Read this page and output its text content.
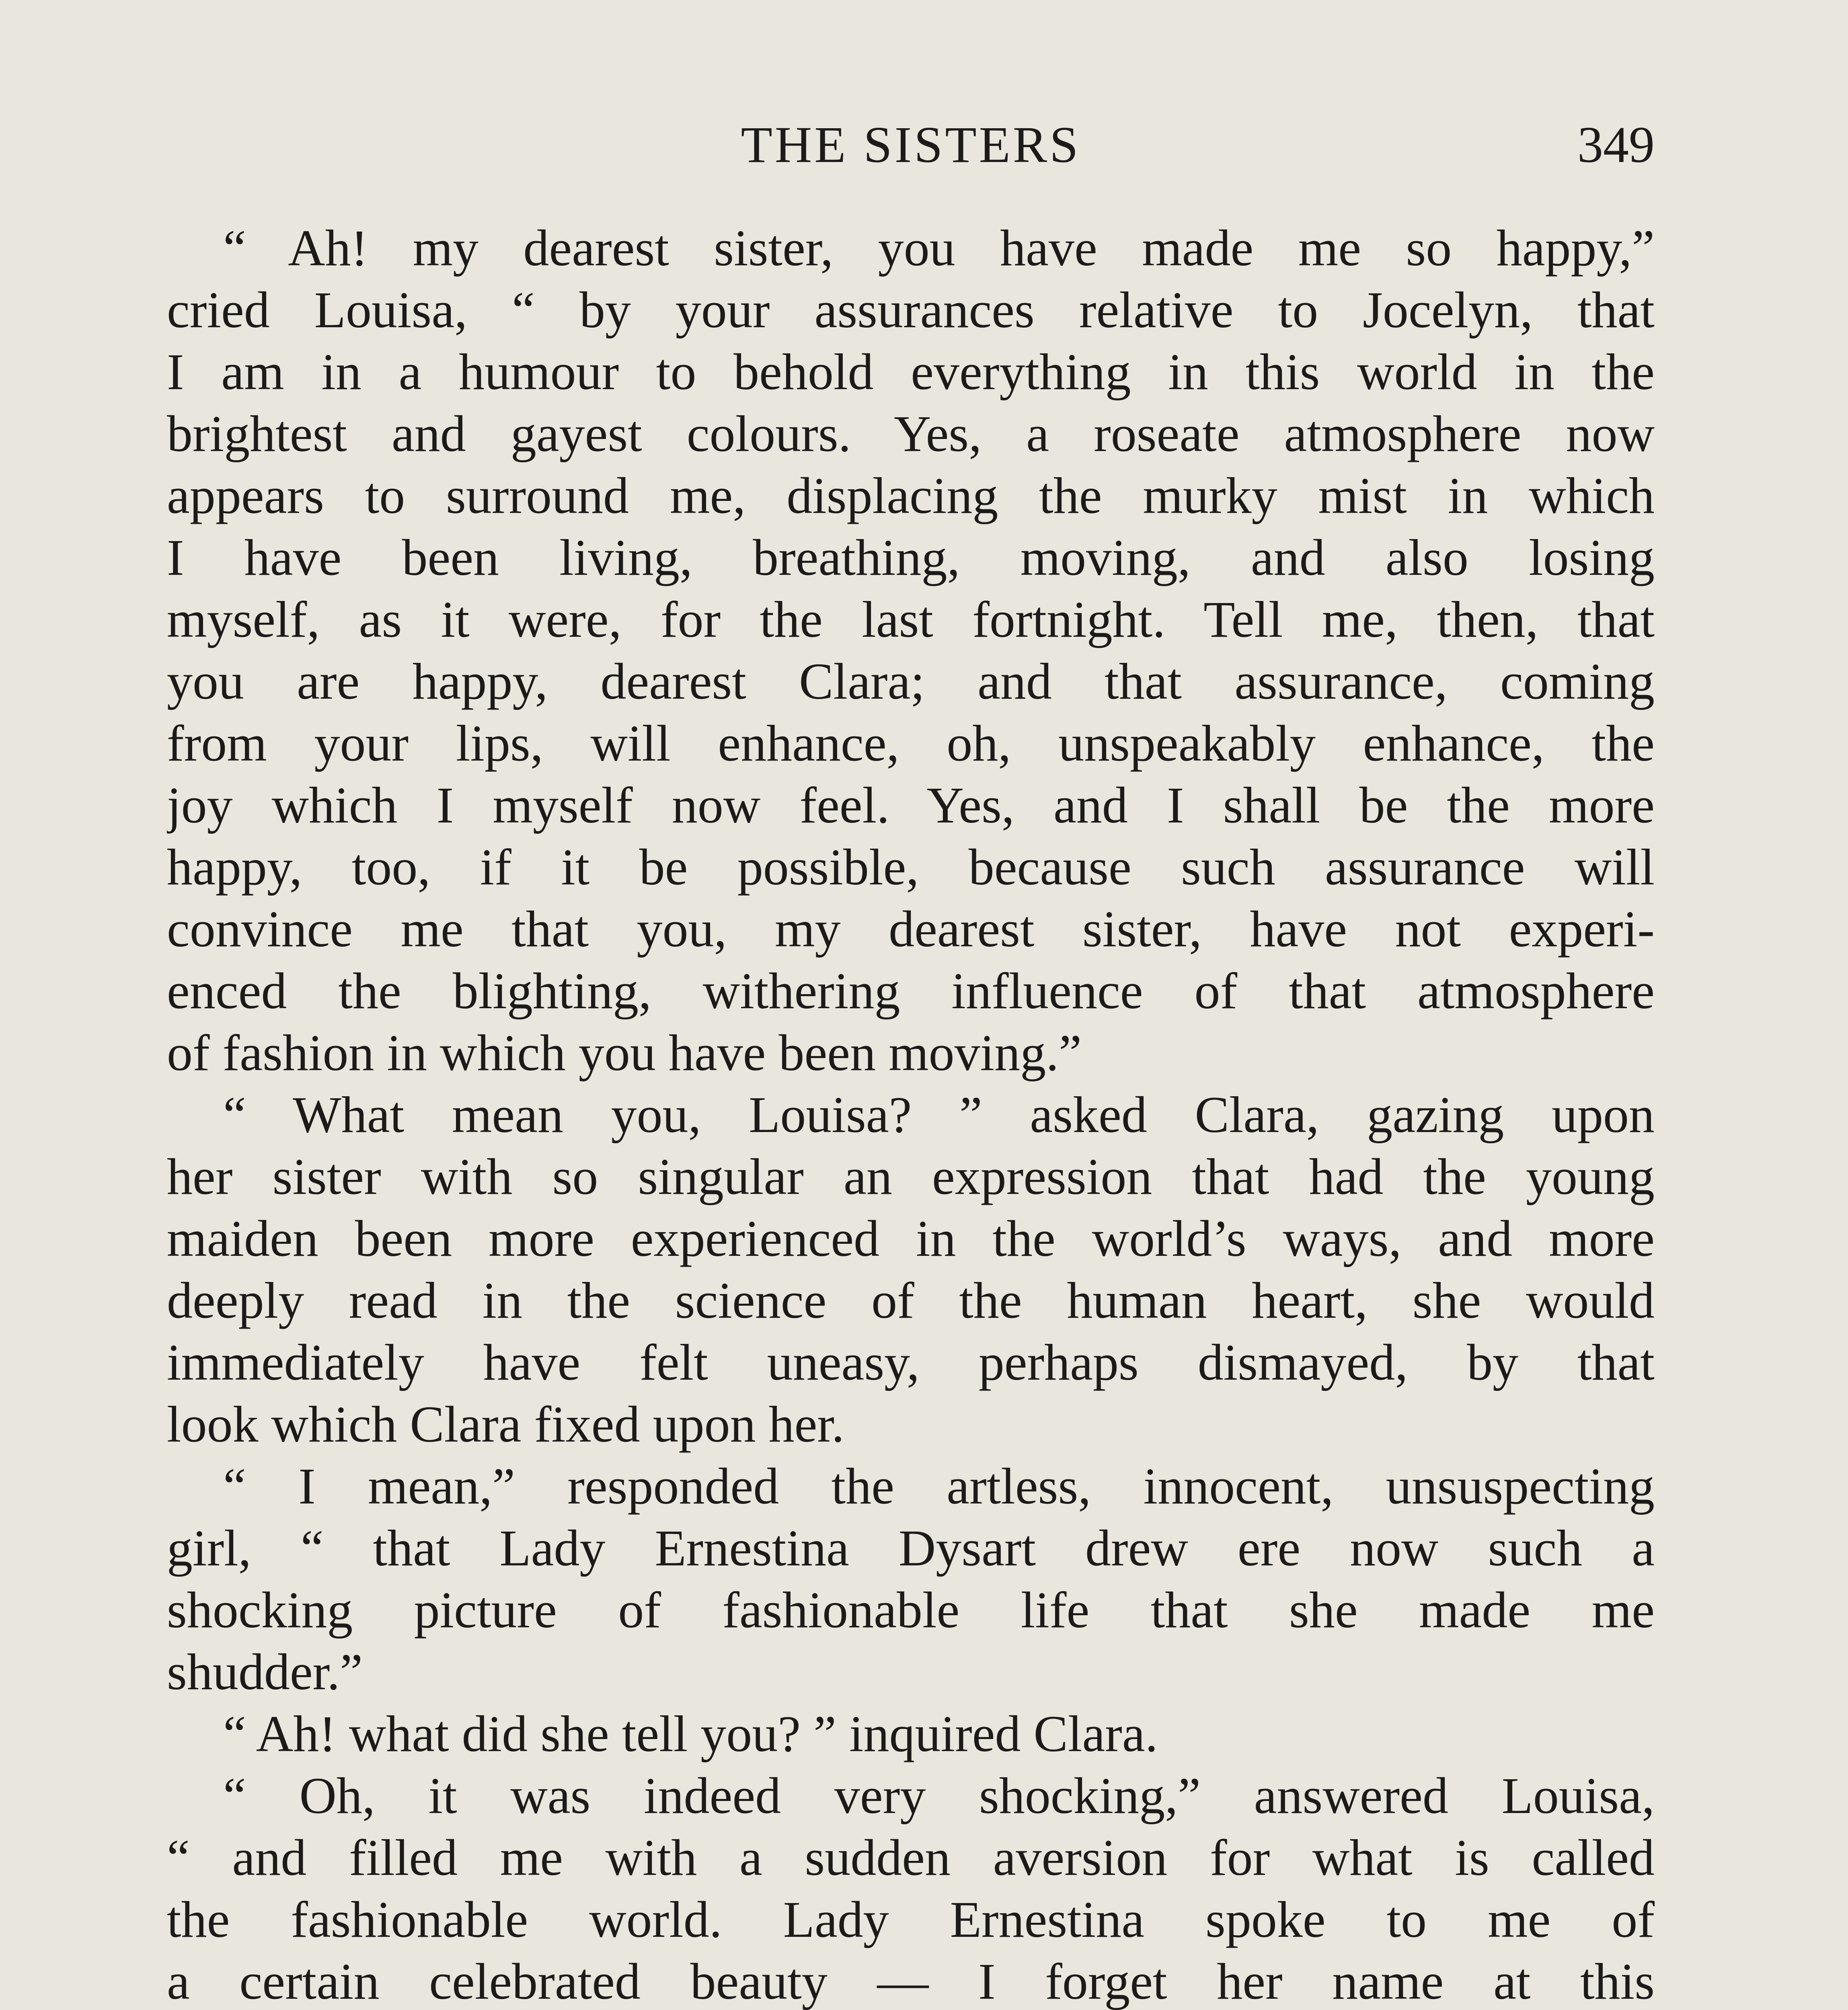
THE SISTERS	349
“ Ah! my dearest sister, you have made me so happy,”
cried Louisa, “ by your assurances relative to Jocelyn, that
I am in a humour to behold everything in this world in the
brightest and gayest colours. Yes, a roseate atmosphere now
appears to surround me, displacing the murky mist in which
I have been living, breathing, moving, and also losing
myself, as it were, for the last fortnight. Tell me, then, that
you are happy, dearest Clara; and that assurance, coming
from your lips, will enhance, oh, unspeakably enhance, the
joy which I myself now feel. Yes, and I shall be the more
happy, too, if it be possible, because such assurance will
convince me that you, my dearest sister, have not experi-
enced the blighting, withering influence of that atmosphere
of fashion in which you have been moving.”
“ What mean you, Louisa? ” asked Clara, gazing upon
her sister with so singular an expression that had the young
maiden been more experienced in the world’s ways, and more
deeply read in the science of the human heart, she would
immediately have felt uneasy, perhaps dismayed, by that
look which Clara fixed upon her.
“ I mean,” responded the artless, innocent, unsuspecting
girl, “ that Lady Ernestina Dysart drew ere now such a
shocking picture of fashionable life that she made me
shudder.”
“ Ah! what did she tell you? ” inquired Clara.
“ Oh, it was indeed very shocking,” answered Louisa,
“ and filled me with a sudden aversion for what is called
the fashionable world. Lady Ernestina spoke to me of
a certain celebrated beauty — I forget her name at this
